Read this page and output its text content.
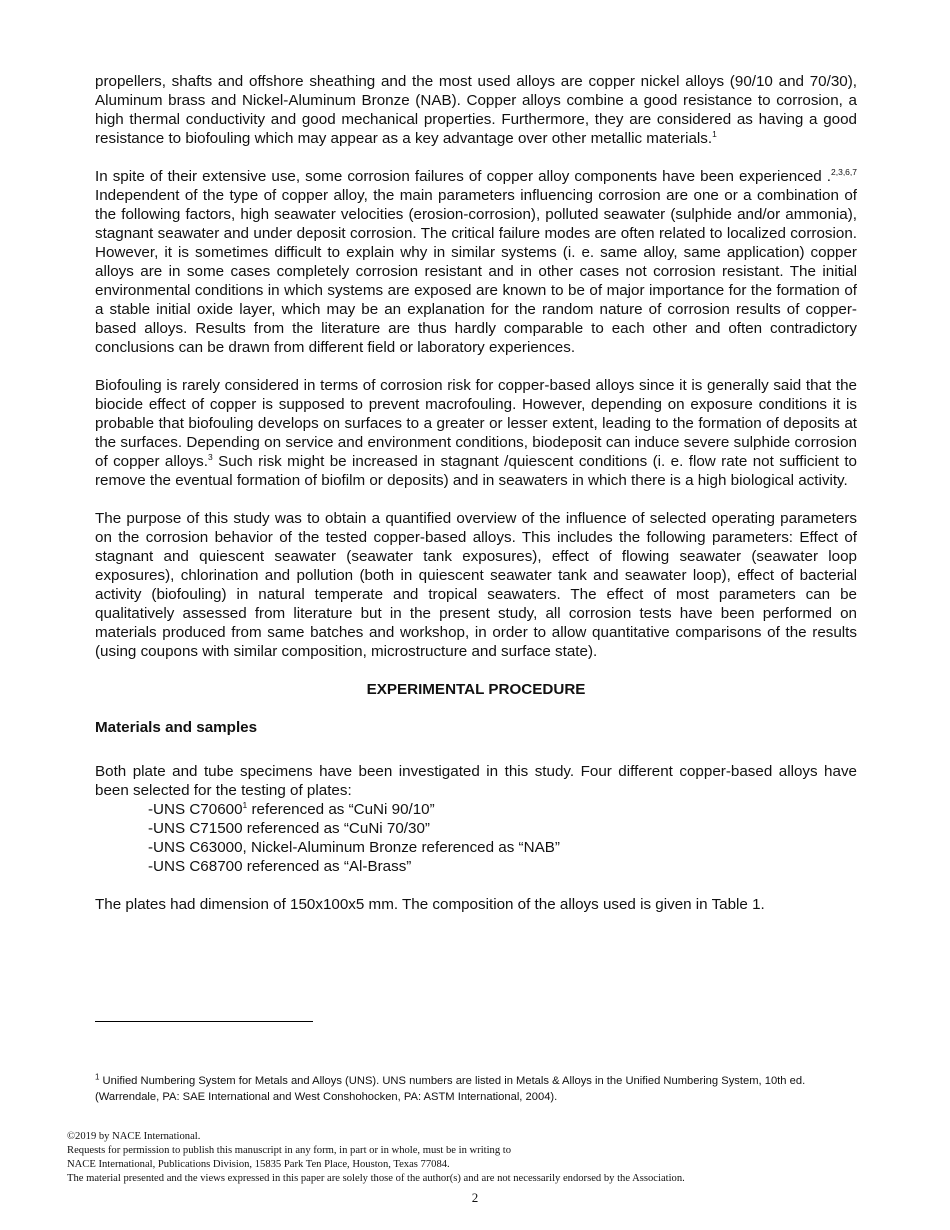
propellers, shafts and offshore sheathing and the most used alloys are copper nickel alloys (90/10 and 70/30), Aluminum brass and Nickel-Aluminum Bronze (NAB). Copper alloys combine a good resistance to corrosion, a high thermal conductivity and good mechanical properties. Furthermore, they are considered as having a good resistance to biofouling which may appear as a key advantage over other metallic materials.$^1$

In spite of their extensive use, some corrosion failures of copper alloy components have been experienced .$^{2,3,6,7}$ Independent of the type of copper alloy, the main parameters influencing corrosion are one or a combination of the following factors, high seawater velocities (erosion-corrosion), polluted seawater (sulphide and/or ammonia), stagnant seawater and under deposit corrosion. The critical failure modes are often related to localized corrosion. However, it is sometimes difficult to explain why in similar systems (i. e. same alloy, same application) copper alloys are in some cases completely corrosion resistant and in other cases not corrosion resistant. The initial environmental conditions in which systems are exposed are known to be of major importance for the formation of a stable initial oxide layer, which may be an explanation for the random nature of corrosion results of copper-based alloys. Results from the literature are thus hardly comparable to each other and often contradictory conclusions can be drawn from different field or laboratory experiences.

Biofouling is rarely considered in terms of corrosion risk for copper-based alloys since it is generally said that the biocide effect of copper is supposed to prevent macrofouling. However, depending on exposure conditions it is probable that biofouling develops on surfaces to a greater or lesser extent, leading to the formation of deposits at the surfaces. Depending on service and environment conditions, biodeposit can induce severe sulphide corrosion of copper alloys.$^3$ Such risk might be increased in stagnant /quiescent conditions (i. e. flow rate not sufficient to remove the eventual formation of biofilm or deposits) and in seawaters in which there is a high biological activity.

The purpose of this study was to obtain a quantified overview of the influence of selected operating parameters on the corrosion behavior of the tested copper-based alloys. This includes the following parameters: Effect of stagnant and quiescent seawater (seawater tank exposures), effect of flowing seawater (seawater loop exposures), chlorination and pollution (both in quiescent seawater tank and seawater loop), effect of bacterial activity (biofouling) in natural temperate and tropical seawaters. The effect of most parameters can be qualitatively assessed from literature but in the present study, all corrosion tests have been performed on materials produced from same batches and workshop, in order to allow quantitative comparisons of the results (using coupons with similar composition, microstructure and surface state).

EXPERIMENTAL PROCEDURE

Materials and samples

Both plate and tube specimens have been investigated in this study. Four different copper-based alloys have been selected for the testing of plates:

-UNS C70600$^1$ referenced as “CuNi 90/10”
-UNS C71500 referenced as “CuNi 70/30”
-UNS C63000, Nickel-Aluminum Bronze referenced as “NAB”
-UNS C68700 referenced as “Al-Brass”

The plates had dimension of 150x100x5 mm. The composition of the alloys used is given in Table 1.

$^1$ Unified Numbering System for Metals and Alloys (UNS). UNS numbers are listed in Metals & Alloys in the Unified Numbering System, 10th ed. (Warrendale, PA: SAE International and West Conshohocken, PA: ASTM International, 2004).

©2019 by NACE International.
Requests for permission to publish this manuscript in any form, in part or in whole, must be in writing to
NACE International, Publications Division, 15835 Park Ten Place, Houston, Texas 77084.
The material presented and the views expressed in this paper are solely those of the author(s) and are not necessarily endorsed by the Association.
2
